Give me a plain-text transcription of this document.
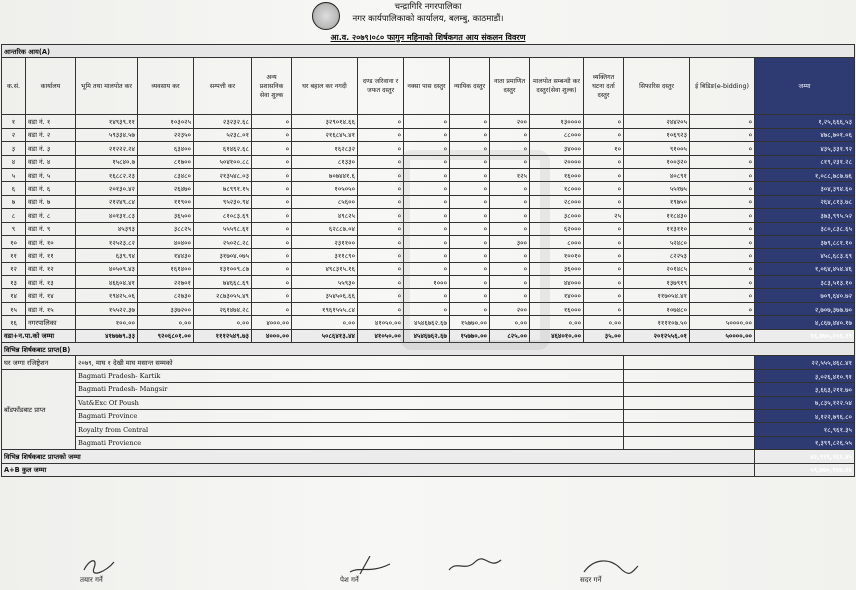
चन्द्रागिरि नगरपालिका
नगर कार्यपालिकाको कार्यालय, बलम्बु, काठमाडौं।
आ.व. २०७९।०८० फागुन महिनाको शिर्षकगत आय संकलन विवरण
आन्तरिक आय(A)															
क.सं.	कार्यालय	भूमि तथा मालपोत कर	व्यवसाय कर	सम्पत्ती कर	अन्य प्रशासनिक सेवा शुल्क	घर बहाल कर नगदी	दण्ड जरिवाना र जफत दस्तुर	नक्सा पास दस्तुर	न्यायिक दस्तुर	नाता प्रमाणित दस्तुर	मालपोत सम्बन्धी कर दस्तुर(सेवा शुल्क)	व्यक्तिगत घटना दर्ता दस्तुर	सिफारिस दस्तुर	ई बिडिङ(e-bidding)	जम्मा
१	वडा नं. १	१४९३९.११	१०३०२५	२३२३२.६८	०	३२९०१४.६६	०	०	०	२००	१३००००	०	२४४२०५	०	१,२५,६६६,५३
२	वडा नं. २	५९३३४.५७	२२३५०	५२३८.०१	०	२१६८४५.४१	०	०	०	०	८८०००	०	१०६९२३	०	४७८,७०१.०६
३	वडा नं. ३	२१२२२.२४	६३४००	६१४६२.६८	०	१६२८३२	०	०	०	०	३४०००	१०	९१००५	०	४३५,३३१.९२
४	वडा नं. ४	१५८४०.७	८१७००	५०४१००.८८	०	८१३३०	०	०	०	०	२००००	०	१००३२०	०	८१९,२३१.२८
५	वडा नं. ५	१६८८२.२३	८३४८०	२१३५४८.०३	०	७०७४४१.६	०	०	०	१२५	१६०००	०	४०८९१	०	१,०८८,७८७.७६
६	वडा नं. ६	२०१३०.४२	२६४७०	७८९९१.१५	०	१०५०५०	०	०	०	०	१८०००	०	५५१७५	०	३०४,३९४.६०
७	वडा नं. ७	२१२४९.८४	११९००	९५२३०.९४	०	८५६००	०	०	०	०	२८०००	०	१९७५०	०	२६४,८१३.७८
८	वडा नं. ८	४०१३१.८३	३६५००	८१०८३.६९	०	४९८२५	०	०	०	०	३८०००	२५	११८४३०	०	३७३,९९५.५२
९	वडा नं. ९	४५३९३	३८८२५	५५५९८.६१	०	६२८८७.०४	०	०	०	०	६२०००	०	११३११०	०	३८०,८३८.६५
१०	वडा नं. १०	१२५२३.८२	४०४००	२५०२८.२८	०	२३११००	०	०	०	३००	८०००	०	५२४८०	०	३७९,८८१.१०
११	वडा नं. ११	६३९.९४	१४४३०	३१७०४.०७५	०	३११८९०	०	०	०	०	१००१०	०	८२२५३	०	४५८,६८३.६९
१२	वडा नं. १२	४०५०९.४३	१६१४००	१३१००९.८७	०	४९८३१५.१६	०	०	०	०	३६०००	०	२०१४८५	०	१,०६४,४५४.४६
१३	वडा नं. १३	४६६०४.४१	२२७०१	७४६६८.६९	०	५५९३०	०	१०००	०	०	४४०००	०	१३७९१९	०	३८३,५१३.१०
१४	वडा नं. १४	१९४२५.०६	८२७३०	२८७३०५५.४९	०	३५४५०६.६६	०	०	०	०	१४०००	०	११७०५४.४१	०	७०९,६४०.७२
१५	वडा नं. १५	१५५२२.३७	३३७२००	२६१४७४.२८	०	१९६१५५५.८४	०	०	०	२००	१६०००	०	१०७४८०	०	२,७०७,३७७.७०
१६	नगरपालिका	१००.००	०.००	०.००	४०००.००	०.००	४१०५०.००	४५४६७६२.६७	१५७७०.००	०.००	०.००	०.००	११११०७.५०	५००००.००	४,८६७,४४०.१७
वडा+न.पा.को जम्मा		४१७७७९.३३	९२०६८०१.००	१११२५४९.७३	४०००.००	५०८६४१३.४४	४१०५०.००	४५४६७६२.६७	१५७७०.००	८२५.००	४६४०१०.००	३५.००	२०१२५५६.०१	५००००.००	१६,४७०,२०६.१९
विभिन्न शिर्षकबाट प्राप्त(B)															
घर जग्गा रजिष्ट्रेशन		२०७९, माघ १ देखी माघ मसान्त सम्मको													२२,५५५,४६८.४१
बाँडफाँडबाट प्राप्त		Bagmati Pradesh- Kartik													३,०२६,४१०.९१
		Bagmati Pradesh- Mangsir													३,६६३,२११.७०
		Vat&Exc Of Poush													७,८३५,१२२.५४
		Bagmati Province													४,१२२,७९६.८०
		Royalty from Central													१८,९६१.३५
		Bagmati Provience													१,३९९,८२६.५५
विभिन्न शिर्षकबाट प्राप्तको जम्मा															४२,९९९,९६१.४५
A+B कुल जम्मा															५९,४७०,१६७.६४
तयार गर्ने	पेश गर्ने	सदर गर्ने
